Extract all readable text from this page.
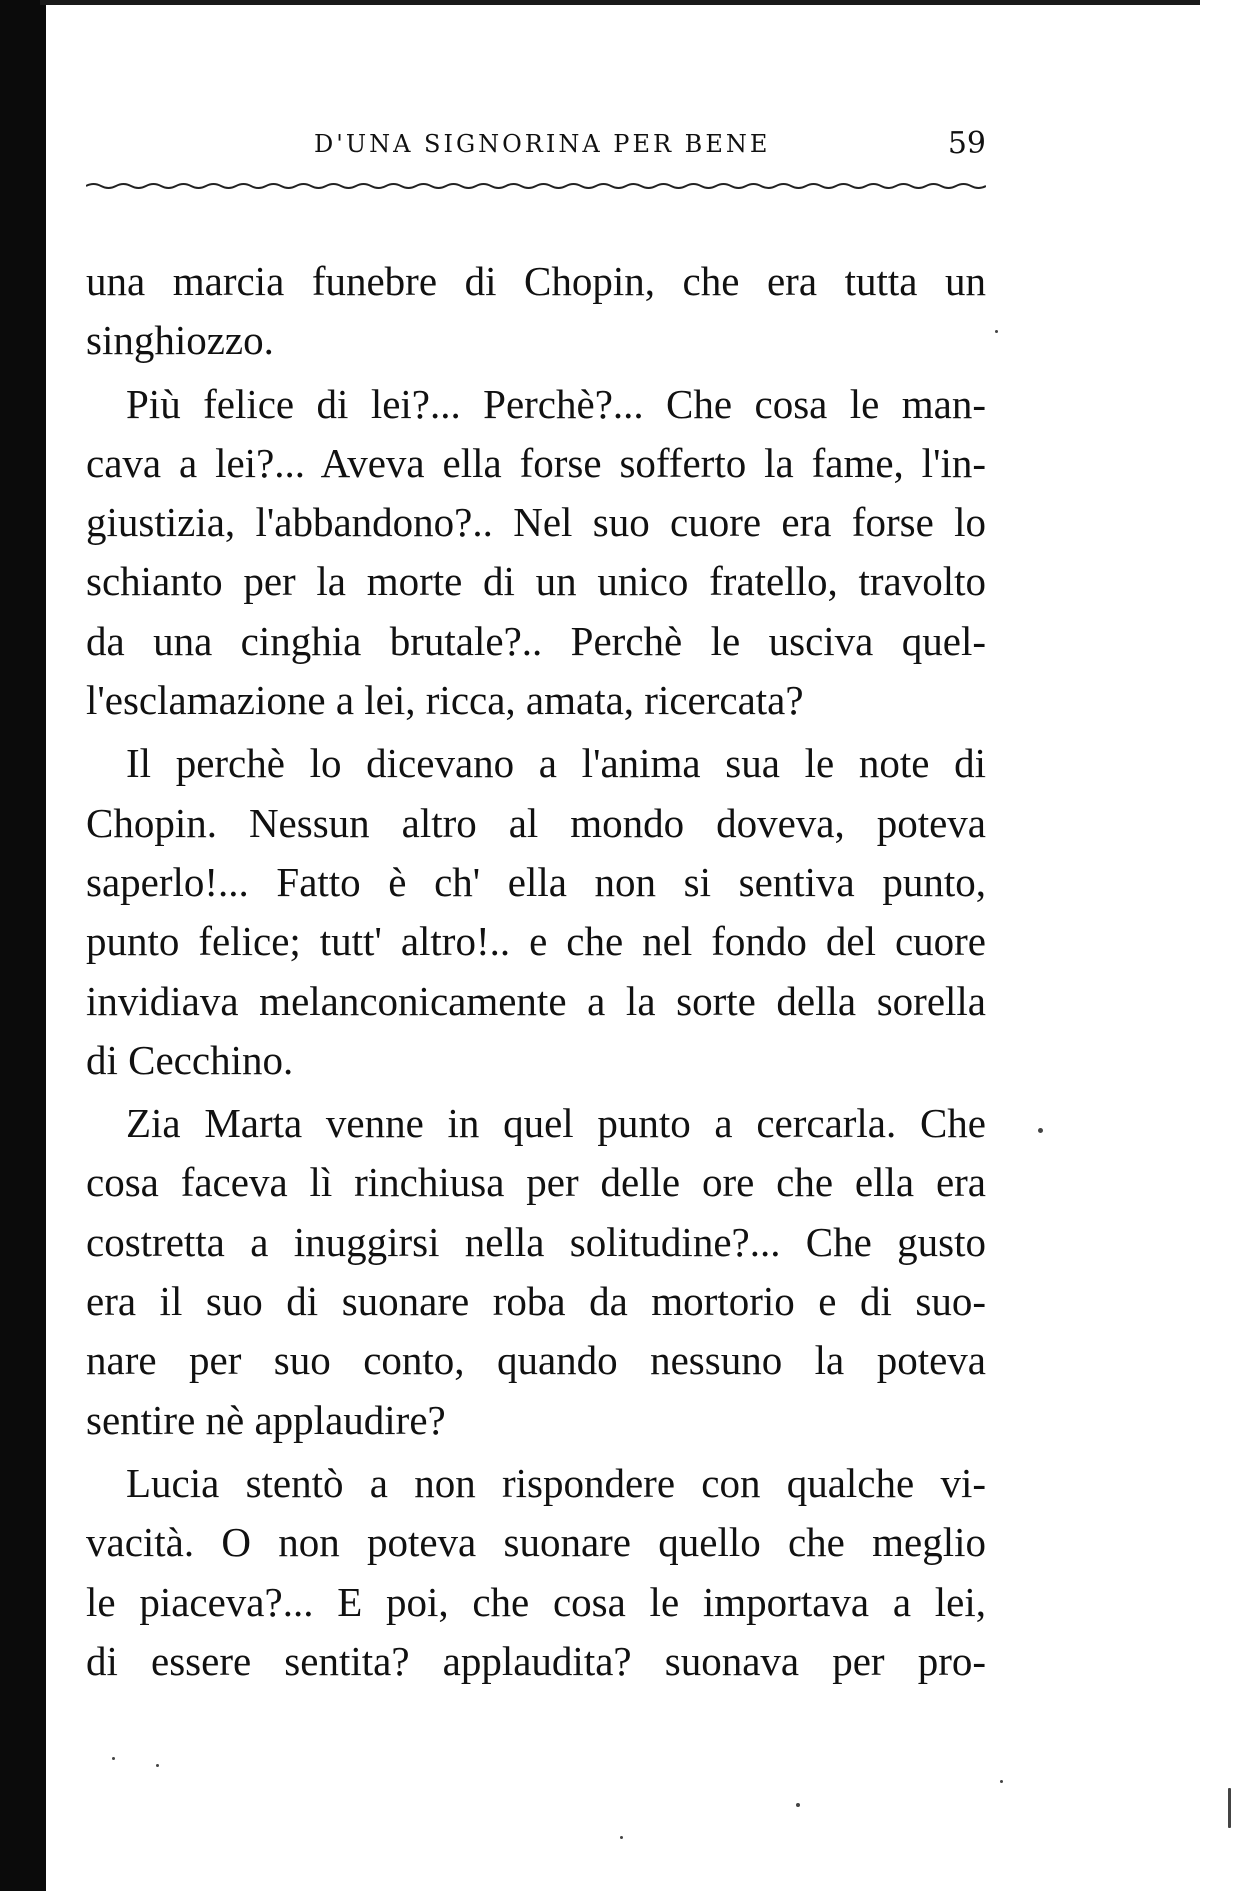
D'UNA SIGNORINA PER BENE	59
una marcia funebre di Chopin, che era tutta un
singhiozzo.
Più felice di lei?... Perchè?... Che cosa le man-
cava a lei?... Aveva ella forse sofferto la fame, l'in-
giustizia, l'abbandono?.. Nel suo cuore era forse lo
schianto per la morte di un unico fratello, travolto
da una cinghia brutale?.. Perchè le usciva quel-
l'esclamazione a lei, ricca, amata, ricercata?
Il perchè lo dicevano a l'anima sua le note di
Chopin. Nessun altro al mondo doveva, poteva
saperlo!... Fatto è ch' ella non si sentiva punto,
punto felice; tutt' altro!.. e che nel fondo del cuore
invidiava melanconicamente a la sorte della sorella
di Cecchino.
Zia Marta venne in quel punto a cercarla. Che
cosa faceva lì rinchiusa per delle ore che ella era
costretta a inuggirsi nella solitudine?... Che gusto
era il suo di suonare roba da mortorio e di suo-
nare per suo conto, quando nessuno la poteva
sentire nè applaudire?
Lucia stentò a non rispondere con qualche vi-
vacità. O non poteva suonare quello che meglio
le piaceva?... E poi, che cosa le importava a lei,
di essere sentita? applaudita? suonava per pro-
